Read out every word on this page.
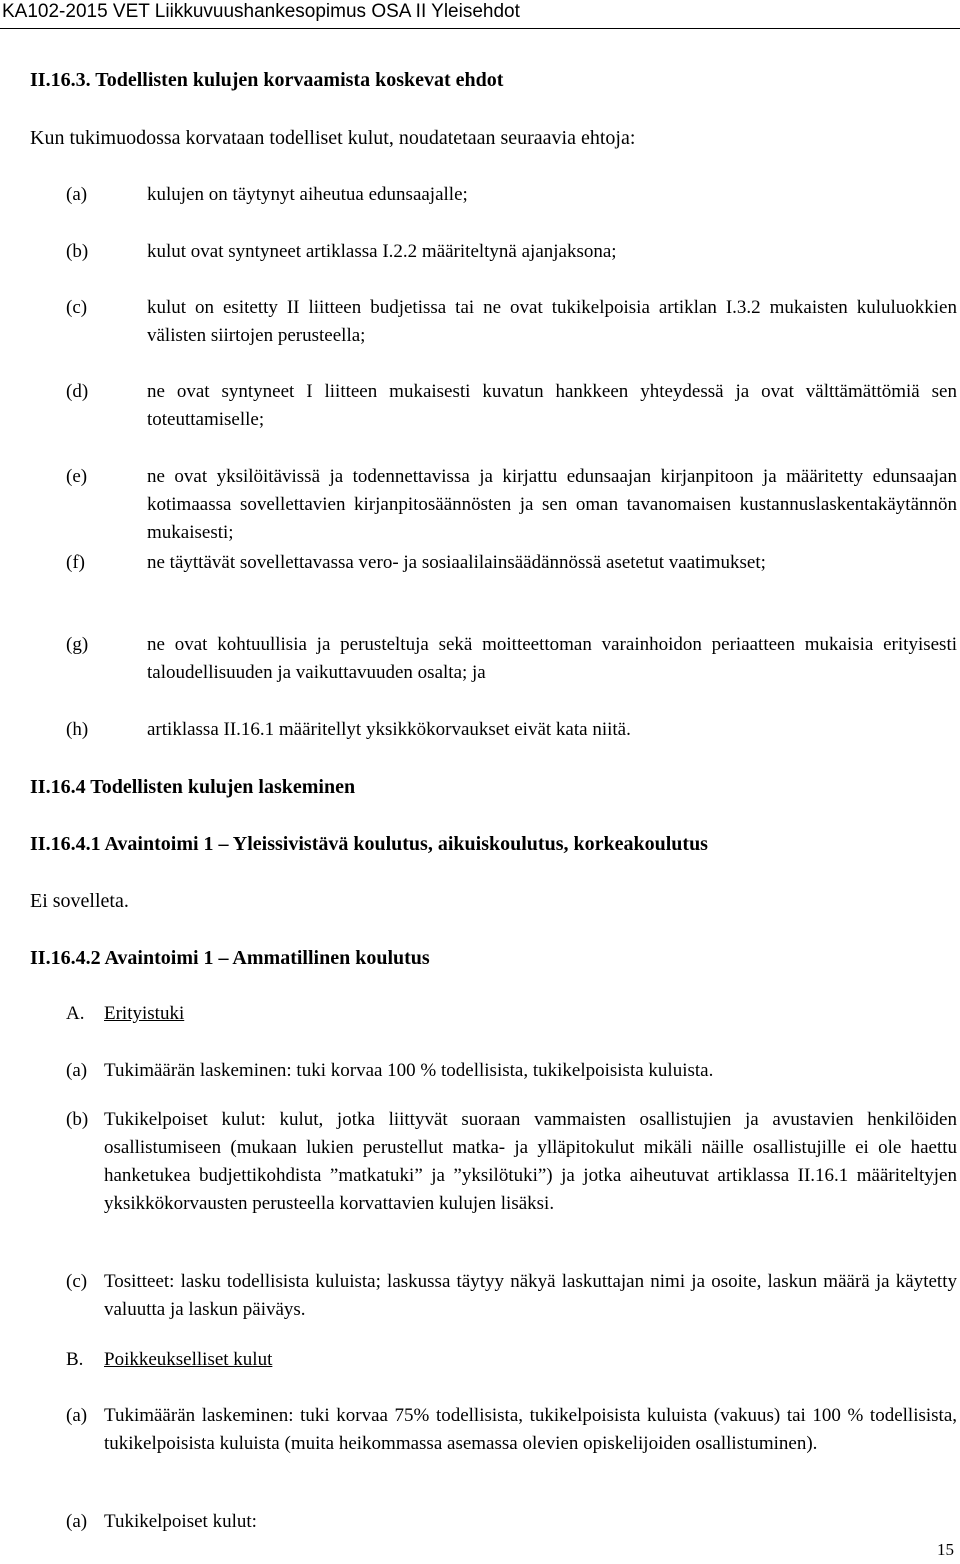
KA102-2015 VET Liikkuvuushankesopimus OSA II Yleisehdot
II.16.3. Todellisten kulujen korvaamista koskevat ehdot
Kun tukimuodossa korvataan todelliset kulut, noudatetaan seuraavia ehtoja:
(a)	kulujen on täytynyt aiheutua edunsaajalle;
(b)	kulut ovat syntyneet artiklassa I.2.2 määriteltynä ajanjaksona;
(c)	kulut on esitetty II liitteen budjetissa tai ne ovat tukikelpoisia artiklan I.3.2 mukaisten kululuokkien välisten siirtojen perusteella;
(d)	ne ovat syntyneet I liitteen mukaisesti kuvatun hankkeen yhteydessä ja ovat välttämättömiä sen toteuttamiselle;
(e)	ne ovat yksilöitävissä ja todennettavissa ja kirjattu edunsaajan kirjanpitoon ja määritetty edunsaajan kotimaassa sovellettavien kirjanpitosäännösten ja sen oman tavanomaisen kustannuslaskentakäytännön mukaisesti;
(f)	ne täyttävät sovellettavassa vero- ja sosiaalilainsäädännössä asetetut vaatimukset;
(g)	ne ovat kohtuullisia ja perusteltuja sekä moitteettoman varainhoidon periaatteen mukaisia erityisesti taloudellisuuden ja vaikuttavuuden osalta; ja
(h)	artiklassa II.16.1 määritellyt yksikkökorvaukset eivät kata niitä.
II.16.4 Todellisten kulujen laskeminen
II.16.4.1 Avaintoimi 1 – Yleissivistävä koulutus, aikuiskoulutus, korkeakoulutus
Ei sovelleta.
II.16.4.2 Avaintoimi 1 – Ammatillinen koulutus
A. Erityistuki
(a) Tukimäärän laskeminen: tuki korvaa 100 % todellisista, tukikelpoisista kuluista.
(b) Tukikelpoiset kulut: kulut, jotka liittyvät suoraan vammaisten osallistujien ja avustavien henkilöiden osallistumiseen (mukaan lukien perustellut matka- ja ylläpitokulut mikäli näille osallistujille ei ole haettu hanketukea budjettikohdista ”matkatuki” ja ”yksilötuki”) ja jotka aiheutuvat artiklassa II.16.1 määriteltyjen yksikkökorvausten perusteella korvattavien kulujen lisäksi.
(c) Tositteet: lasku todellisista kuluista; laskussa täytyy näkyä laskuttajan nimi ja osoite, laskun määrä ja käytetty valuutta ja laskun päiväys.
B. Poikkeukselliset kulut
(a) Tukimäärän laskeminen: tuki korvaa 75% todellisista, tukikelpoisista kuluista (vakuus) tai 100 % todellisista, tukikelpoisista kuluista (muita heikommassa asemassa olevien opiskelijoiden osallistuminen).
(a) Tukikelpoiset kulut:
15
